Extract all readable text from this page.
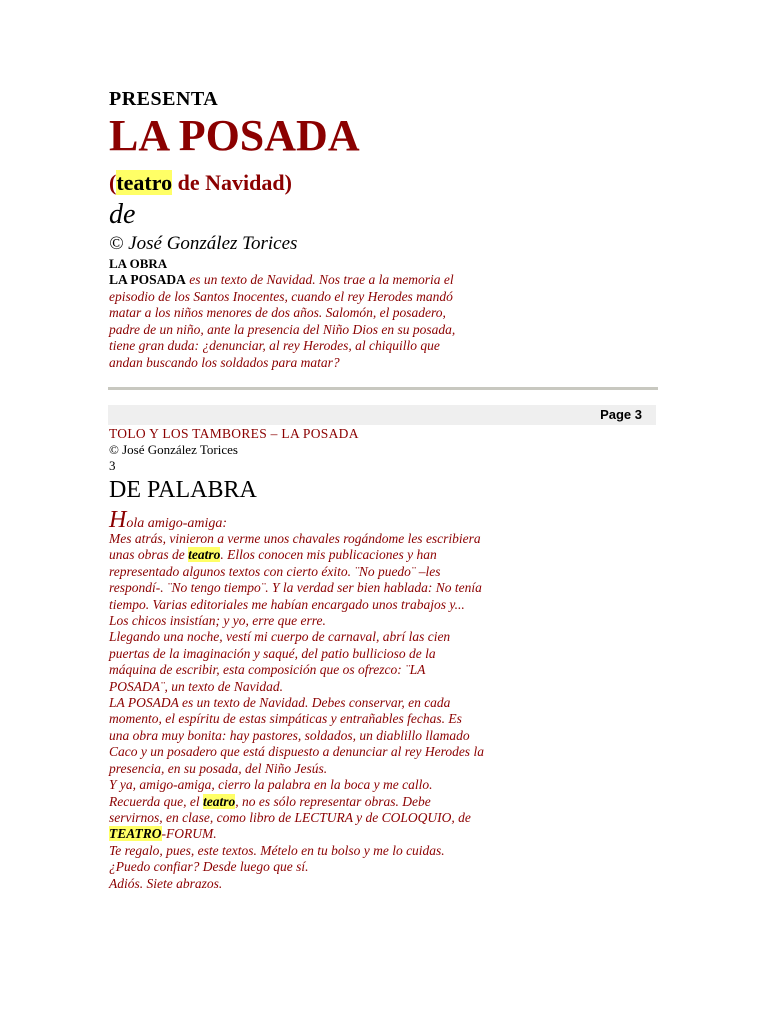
PRESENTA
LA POSADA
(teatro de Navidad)
de
© José González Torices
LA OBRA
LA POSADA es un texto de Navidad. Nos trae a la memoria el episodio de los Santos Inocentes, cuando el rey Herodes mandó matar a los niños menores de dos años. Salomón, el posadero, padre de un niño, ante la presencia del Niño Dios en su posada, tiene gran duda: ¿denunciar, al rey Herodes, al chiquillo que andan buscando los soldados para matar?
Page 3
TOLO Y LOS TAMBORES – LA POSADA
© José González Torices
3
DE PALABRA
Hola amigo-amiga:

Mes atrás, vinieron a verme unos chavales rogándome les escribiera unas obras de teatro. Ellos conocen mis publicaciones y han representado algunos textos con cierto éxito. ¨No puedo¨ –les respondí-. ¨No tengo tiempo¨. Y la verdad ser bien hablada: No tenía tiempo. Varias editoriales me habían encargado unos trabajos y... Los chicos insistían; y yo, erre que erre.

Llegando una noche, vestí mi cuerpo de carnaval, abrí las cien puertas de la imaginación y saqué, del patio bullicioso de la máquina de escribir, esta composición que os ofrezco: ¨LA POSADA¨, un texto de Navidad.

LA POSADA es un texto de Navidad. Debes conservar, en cada momento, el espíritu de estas simpáticas y entrañables fechas. Es una obra muy bonita: hay pastores, soldados, un diablillo llamado Caco y un posadero que está dispuesto a denunciar al rey Herodes la presencia, en su posada, del Niño Jesús.

Y ya, amigo-amiga, cierro la palabra en la boca y me callo. Recuerda que, el teatro, no es sólo representar obras. Debe servirnos, en clase, como libro de LECTURA y de COLOQUIO, de TEATRO-FORUM.

Te regalo, pues, este textos. Mételo en tu bolso y me lo cuidas. ¿Puedo confiar? Desde luego que sí.

Adiós. Siete abrazos.
